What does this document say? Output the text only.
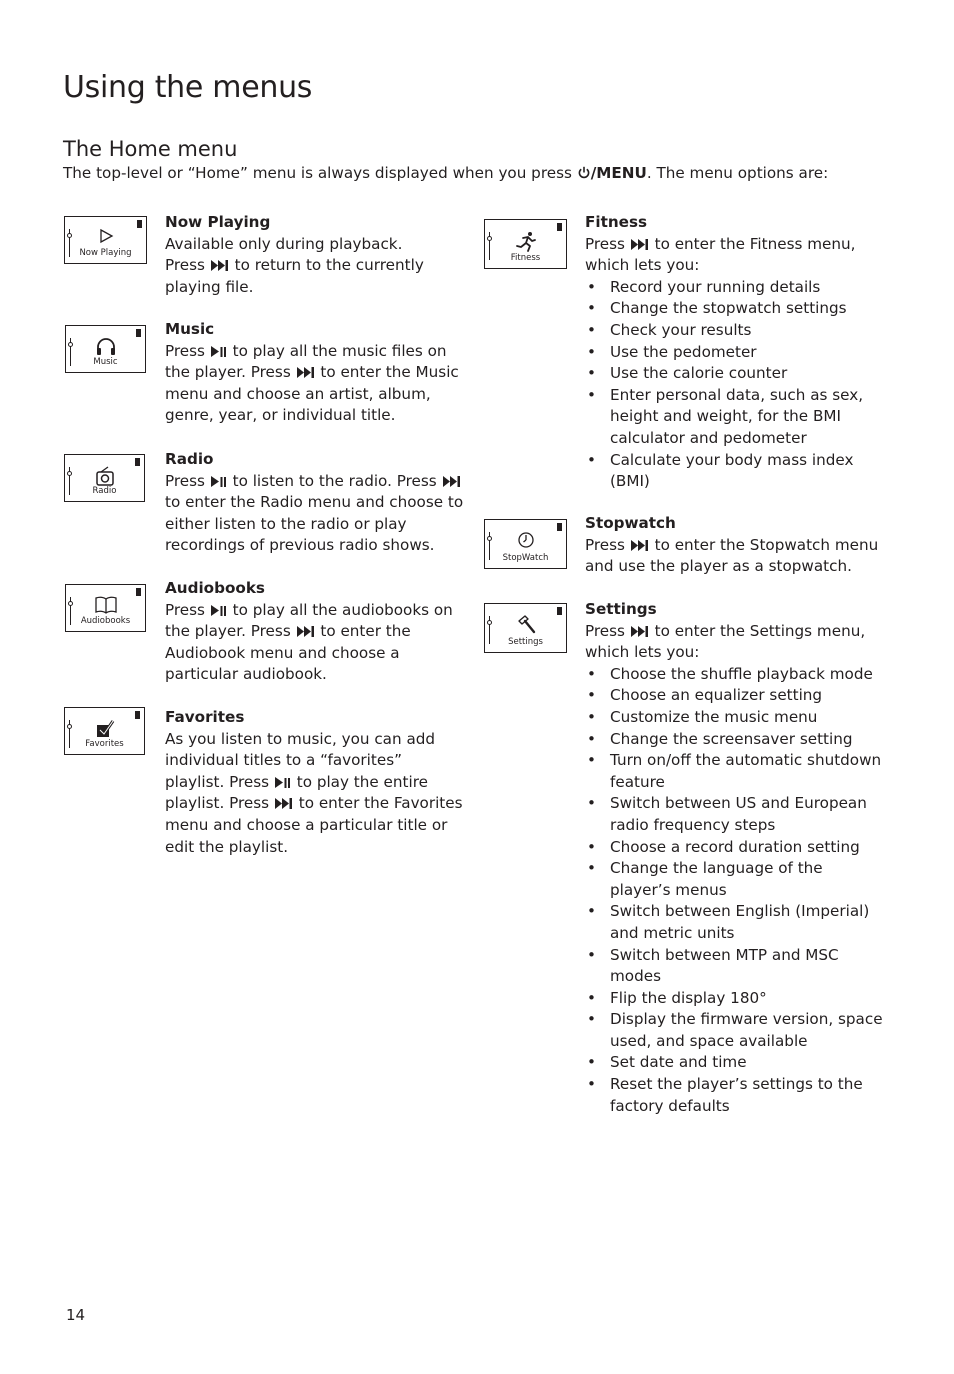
Using the menus
The Home menu

The top-level or “Home” menu is always displayed when you press /MENU. The menu options are:

Now Playing
Now Playing

Available only during playback.
Press  to return to the currently playing file.

Music
Music

Press  to play all the music files on the player. Press  to enter the Music menu and choose an artist, album, genre, year, or individual title.

Radio
Radio

Press  to listen to the radio. Press  to enter the Radio menu and choose to either listen to the radio or play recordings of previous radio shows.

Audiobooks
Audiobooks

Press  to play all the audiobooks on the player. Press  to enter the Audiobook menu and choose a particular audiobook.

Favorites
Favorites

As you listen to music, you can add individual titles to a “favorites” playlist. Press  to play the entire playlist. Press  to enter the Favorites menu and choose a particular title or edit the playlist.

Fitness
Fitness

Press  to enter the Fitness menu, which lets you:

• Record your running details
• Change the stopwatch settings
• Check your results
• Use the pedometer
• Use the calorie counter
• Enter personal data, such as sex, height and weight, for the BMI calculator and pedometer
• Calculate your body mass index (BMI)
StopWatch
Stopwatch

Press  to enter the Stopwatch menu and use the player as a stopwatch.

Settings
Settings

Press  to enter the Settings menu, which lets you:

• Choose the shuffle playback mode
• Choose an equalizer setting
• Customize the music menu
• Change the screensaver setting
• Turn on/off the automatic shutdown feature
• Switch between US and European radio frequency steps
• Choose a record duration setting
• Change the language of the player’s menus
• Switch between English (Imperial) and metric units
• Switch between MTP and MSC modes
• Flip the display 180°
• Display the firmware version, space used, and space available
• Set date and time
• Reset the player’s settings to the factory defaults
14
